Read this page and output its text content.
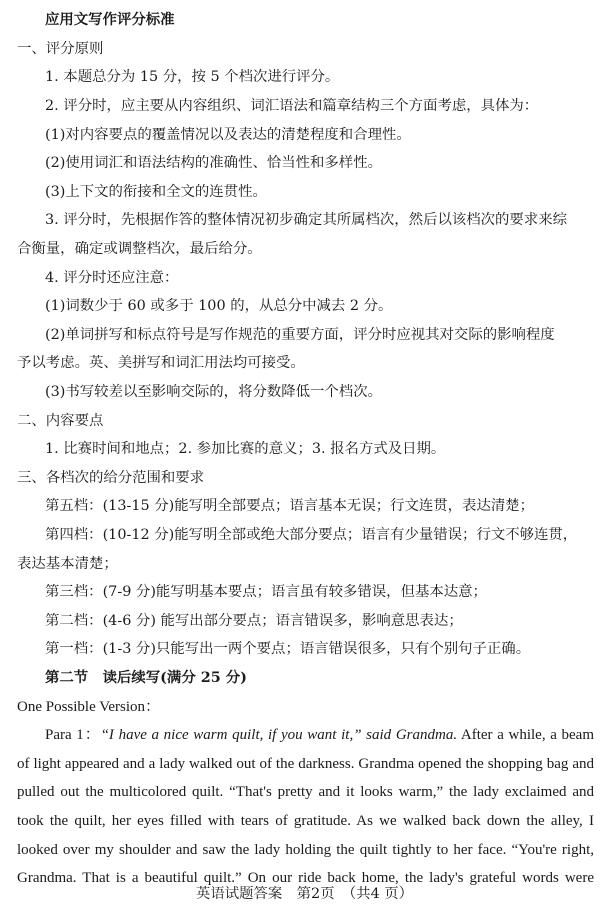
应用文写作评分标准
一、评分原则
1. 本题总分为 15 分，按 5 个档次进行评分。
2. 评分时，应主要从内容组织、词汇语法和篇章结构三个方面考虑，具体为：
(1)对内容要点的覆盖情况以及表达的清楚程度和合理性。
(2)使用词汇和语法结构的准确性、恰当性和多样性。
(3)上下文的衔接和全文的连贯性。
3. 评分时，先根据作答的整体情况初步确定其所属档次，然后以该档次的要求来综
合衡量，确定或调整档次，最后给分。
4. 评分时还应注意：
(1)词数少于 60 或多于 100 的，从总分中减去 2 分。
(2)单词拼写和标点符号是写作规范的重要方面，评分时应视其对交际的影响程度
予以考虑。英、美拼写和词汇用法均可接受。
(3)书写较差以至影响交际的，将分数降低一个档次。
二、内容要点
1. 比赛时间和地点；2. 参加比赛的意义；3. 报名方式及日期。
三、各档次的给分范围和要求
第五档：(13-15 分)能写明全部要点；语言基本无误；行文连贯，表达清楚；
第四档：(10-12 分)能写明全部或绝大部分要点；语言有少量错误；行文不够连贯，
表达基本清楚；
第三档：(7-9 分)能写明基本要点；语言虽有较多错误，但基本达意；
第二档：(4-6 分) 能写出部分要点；语言错误多，影响意思表达；
第一档：(1-3 分)只能写出一两个要点；语言错误很多，只有个别句子正确。
第二节　读后续写(满分 25 分)
One Possible Version：
Para 1：“I have a nice warm quilt, if you want it,” said Grandma. After a while, a beam
of light appeared and a lady walked out of the darkness. Grandma opened the shopping bag and
pulled out the multicolored quilt. “That's pretty and it looks warm,” the lady exclaimed and
took the quilt, her eyes filled with tears of gratitude. As we walked back down the alley, I
looked over my shoulder and saw the lady holding the quilt tightly to her face. “You're right,
Grandma. That is a beautiful quilt.” On our ride back home, the lady's grateful words were
英语试题答案　第2页　（共4 页）
